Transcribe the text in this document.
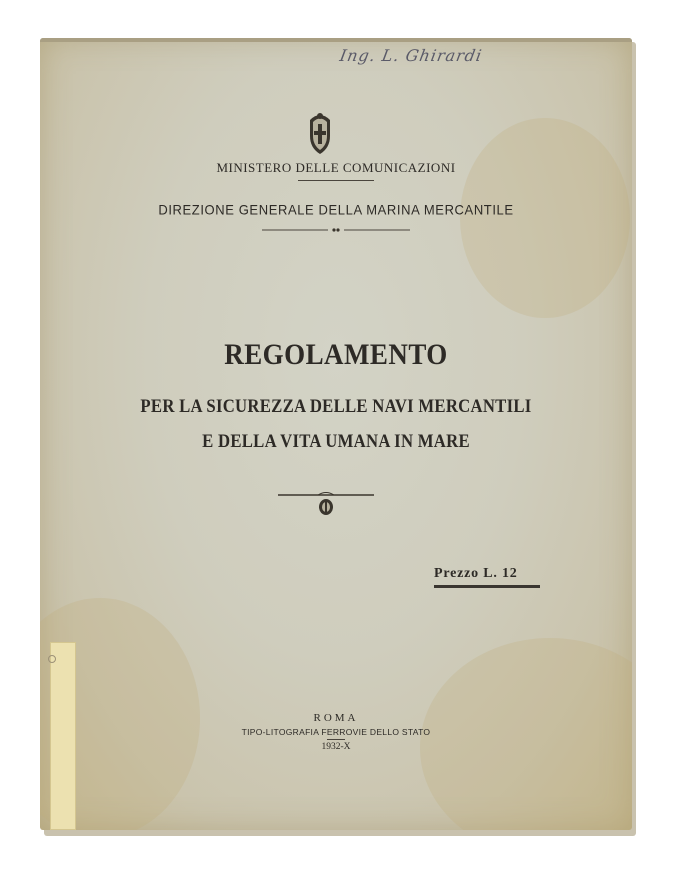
Ing. L. Ghirardi
MINISTERO DELLE COMUNICAZIONI
DIREZIONE GENERALE DELLA MARINA MERCANTILE
REGOLAMENTO
PER LA SICUREZZA DELLE NAVI MERCANTILI
E DELLA VITA UMANA IN MARE
Prezzo L. 12
ROMA
TIPO-LITOGRAFIA FERROVIE DELLO STATO
1932-X
